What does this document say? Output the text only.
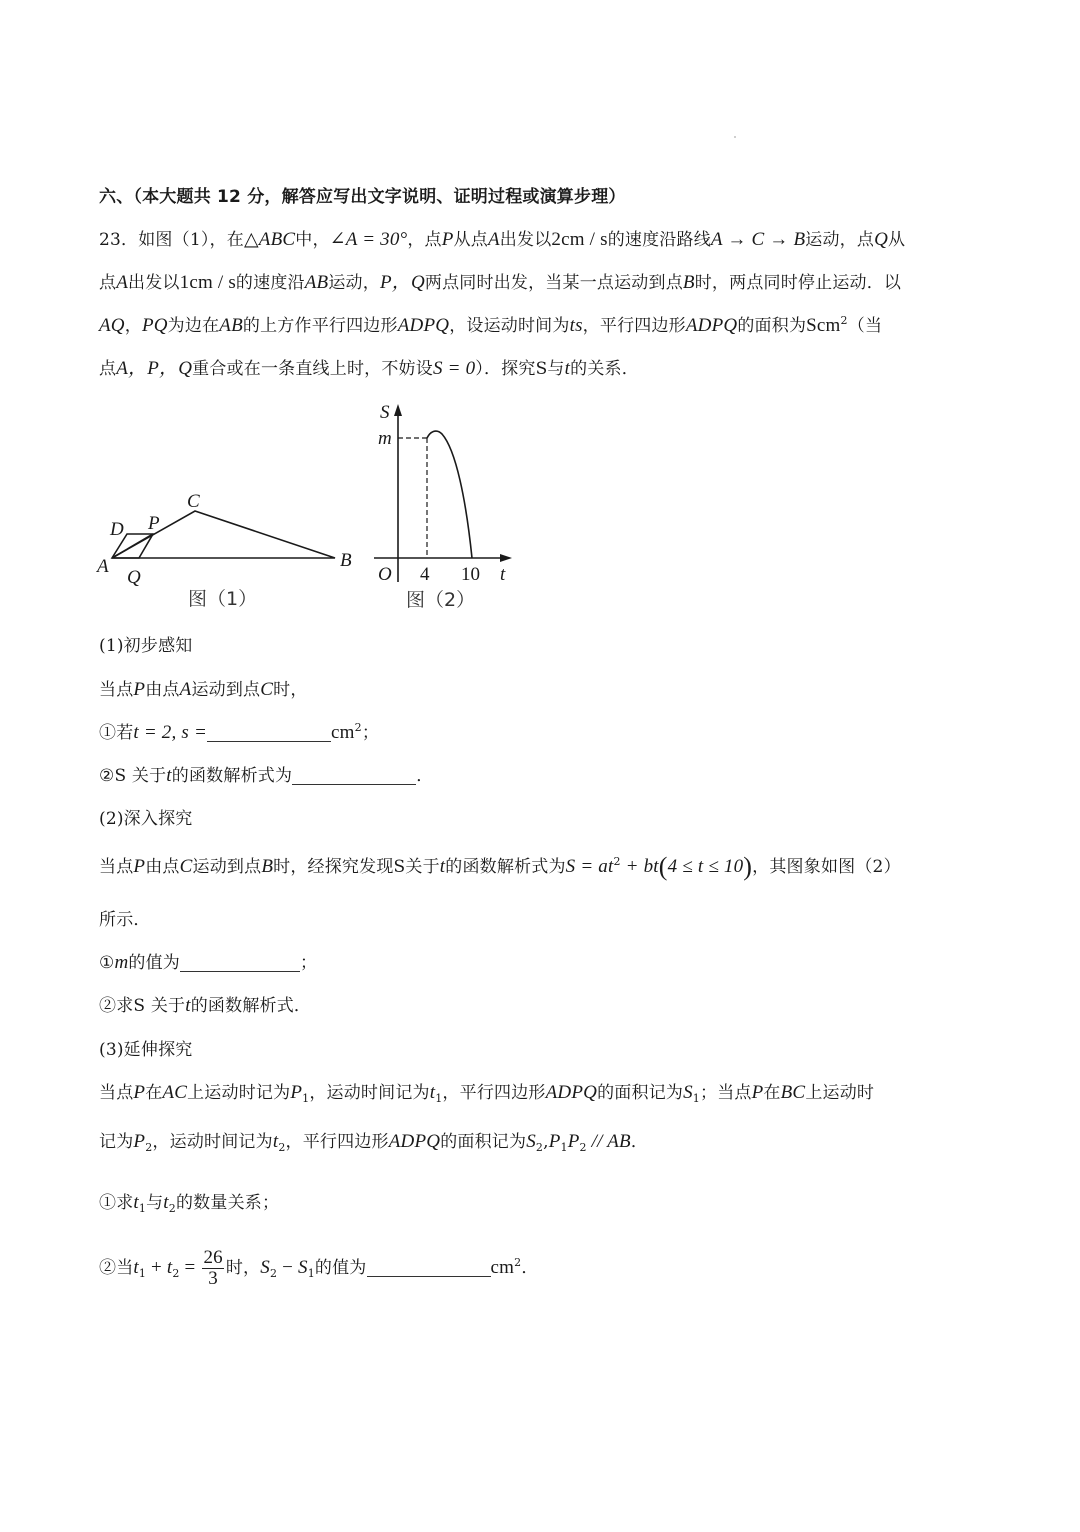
六、（本大题共 12 分，解答应写出文字说明、证明过程或演算步理）
23．如图（1），在△ABC中，∠A = 30°，点P从点A出发以2cm / s的速度沿路线A → C → B运动，点Q从
点A出发以1cm / s的速度沿AB运动，P，Q两点同时出发，当某一点运动到点B时，两点同时停止运动．以
AQ，PQ为边在AB的上方作平行四边形ADPQ，设运动时间为ts，平行四边形ADPQ的面积为Scm$^2$（当
点A，P，Q重合或在一条直线上时，不妨设S = 0）．探究S与t的关系．
A
Q
D P
C
B
图（1）
S
m
O 4 10 t
图（2）
(1)初步感知
当点P由点A运动到点C时，
①若t = 2, s =	$cm^2$；
②S 关于t的函数解析式为	．
(2)深入探究
当点P由点C运动到点B时，经探究发现S关于t的函数解析式为$S = at^2 + bt(4 \le t \le 10)$，其图象如图（2）
所示．
①m的值为	；
②求S 关于t的函数解析式．
(3)延伸探究
当点P在AC上运动时记为$P_1$，运动时间记为$t_1$，平行四边形ADPQ的面积记为$S_1$；当点P在BC上运动时
记为$P_2$，运动时间记为$t_2$，平行四边形ADPQ的面积记为$S_2,P_1P_2$ // AB．
①求$t_1$与$t_2$的数量关系；
②当$t_1 + t_2 = \frac{26}{3}$ 时，$S_2 - S_1$的值为	$cm^2$．
